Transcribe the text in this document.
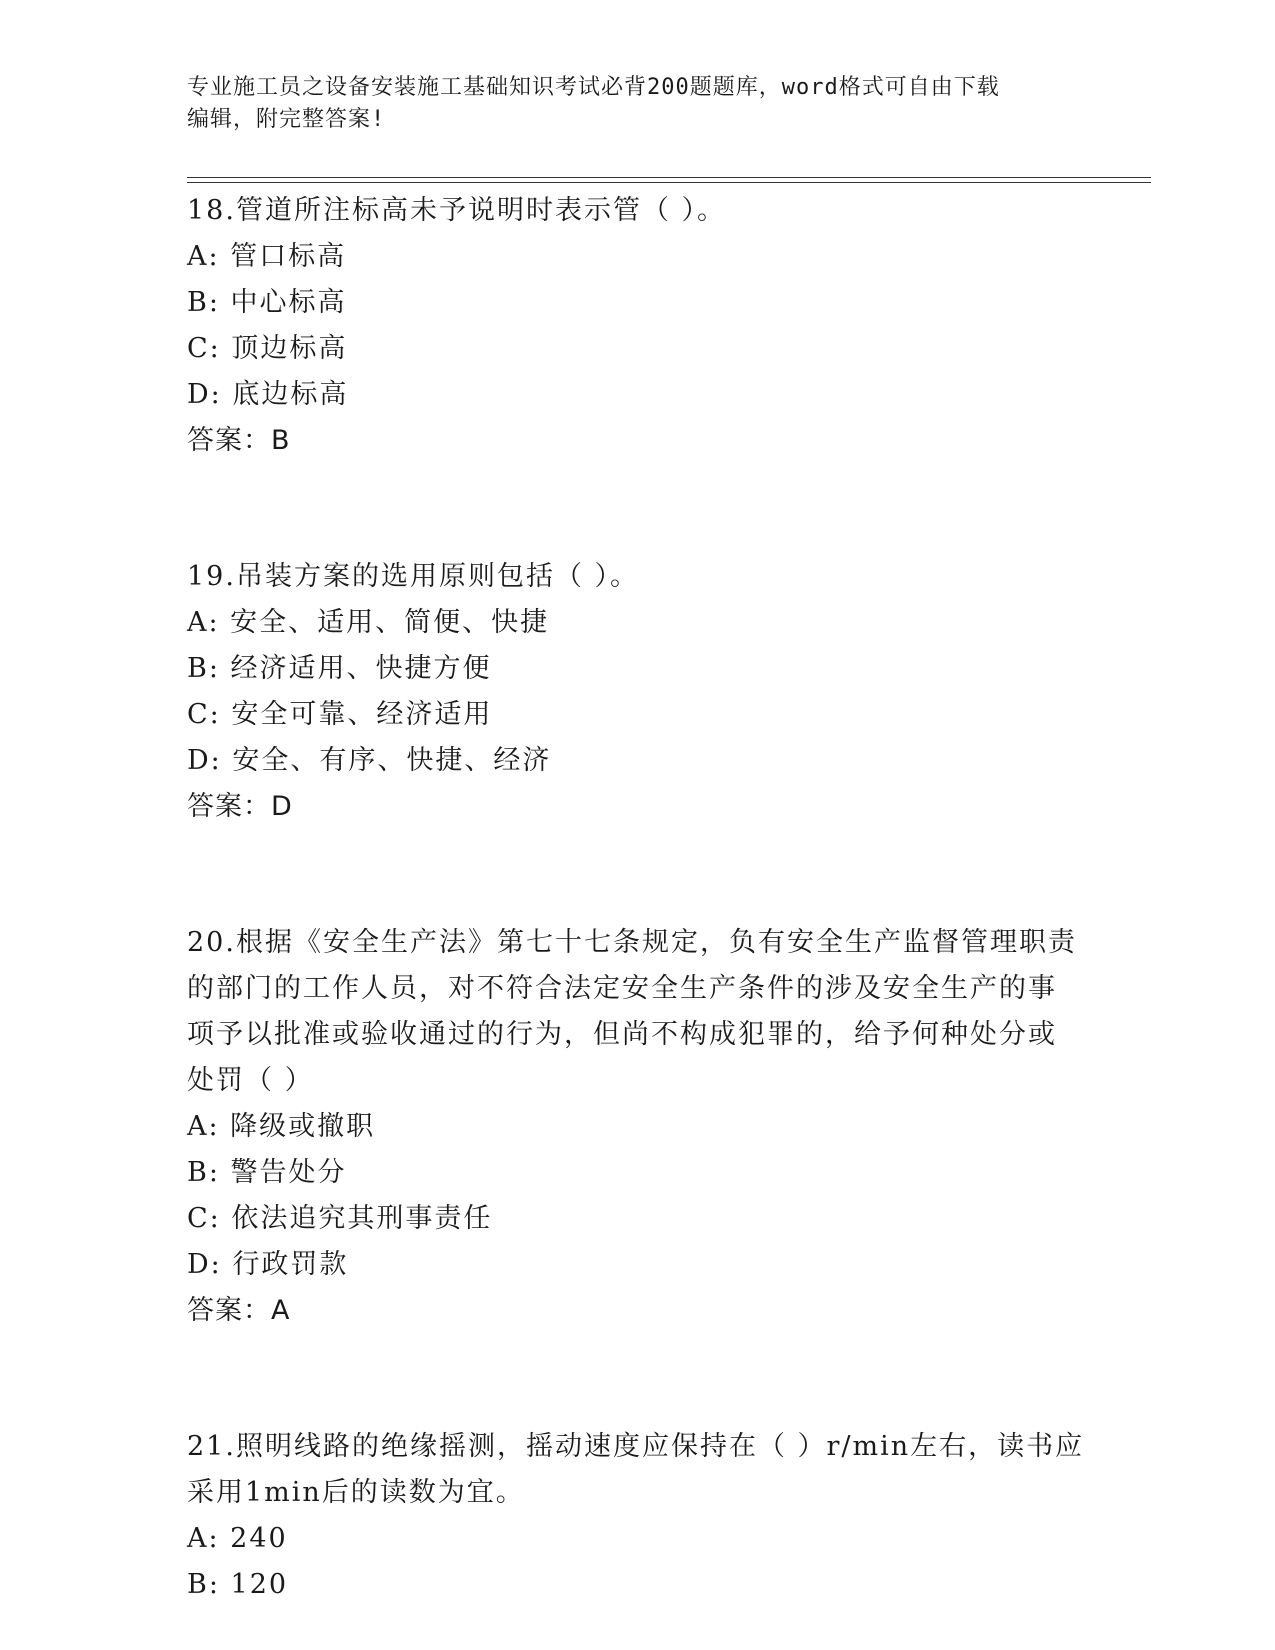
专业施工员之设备安装施工基础知识考试必背200题题库，word格式可自由下载
编辑，附完整答案!
18.管道所注标高未予说明时表示管（ ）。
A: 管口标高
B: 中心标高
C: 顶边标高
D: 底边标高
答案：B
19.吊装方案的选用原则包括（ ）。
A: 安全、适用、简便、快捷
B: 经济适用、快捷方便
C: 安全可靠、经济适用
D: 安全、有序、快捷、经济
答案：D
20.根据《安全生产法》第七十七条规定，负有安全生产监督管理职责
的部门的工作人员，对不符合法定安全生产条件的涉及安全生产的事
项予以批准或验收通过的行为，但尚不构成犯罪的，给予何种处分或
处罚（ ）
A: 降级或撤职
B: 警告处分
C: 依法追究其刑事责任
D: 行政罚款
答案：A
21.照明线路的绝缘摇测，摇动速度应保持在（ ）r/min左右，读书应
采用1min后的读数为宜。
A: 240
B: 120
